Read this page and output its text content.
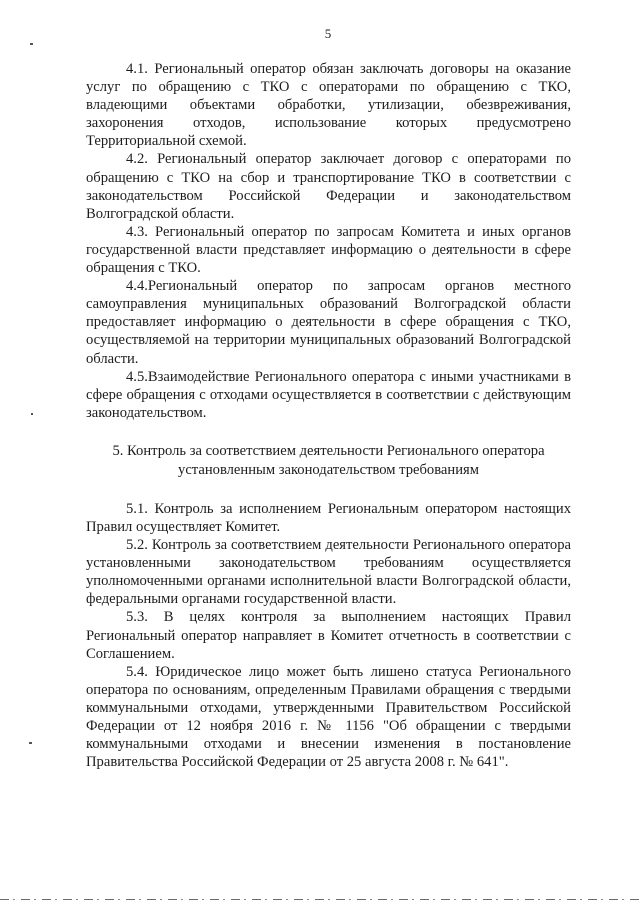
5

4.1. Региональный оператор обязан заключать договоры на оказание услуг по обращению с ТКО с операторами по обращению с ТКО, владеющими объектами обработки, утилизации, обезвреживания, захоронения отходов, использование которых предусмотрено Территориальной схемой.

4.2. Региональный оператор заключает договор с операторами по обращению с ТКО на сбор и транспортирование ТКО в соответствии с законодательством Российской Федерации и законодательством Волгоградской области.

4.3. Региональный оператор по запросам Комитета и иных органов государственной власти представляет информацию о деятельности в сфере обращения с ТКО.

4.4.Региональный оператор по запросам органов местного самоуправления муниципальных образований Волгоградской области предоставляет информацию о деятельности в сфере обращения с ТКО, осуществляемой на территории муниципальных образований Волгоградской области.

4.5.Взаимодействие Регионального оператора с иными участниками в сфере обращения с отходами осуществляется в соответствии с действующим законодательством.

5. Контроль за соответствием деятельности Регионального оператора
установленным законодательством требованиям

5.1. Контроль за исполнением Региональным оператором настоящих Правил осуществляет Комитет.

5.2. Контроль за соответствием деятельности Регионального оператора установленными законодательством требованиям осуществляется уполномоченными органами исполнительной власти Волгоградской области, федеральными органами государственной власти.

5.3. В целях контроля за выполнением настоящих Правил Региональный оператор направляет в Комитет отчетность в соответствии с Соглашением.

5.4. Юридическое лицо может быть лишено статуса Регионального оператора по основаниям, определенным Правилами обращения с твердыми коммунальными отходами, утвержденными Правительством Российской Федерации от 12 ноября 2016 г. № 1156 "Об обращении с твердыми коммунальными отходами и внесении изменения в постановление Правительства Российской Федерации от 25 августа 2008 г. № 641".
